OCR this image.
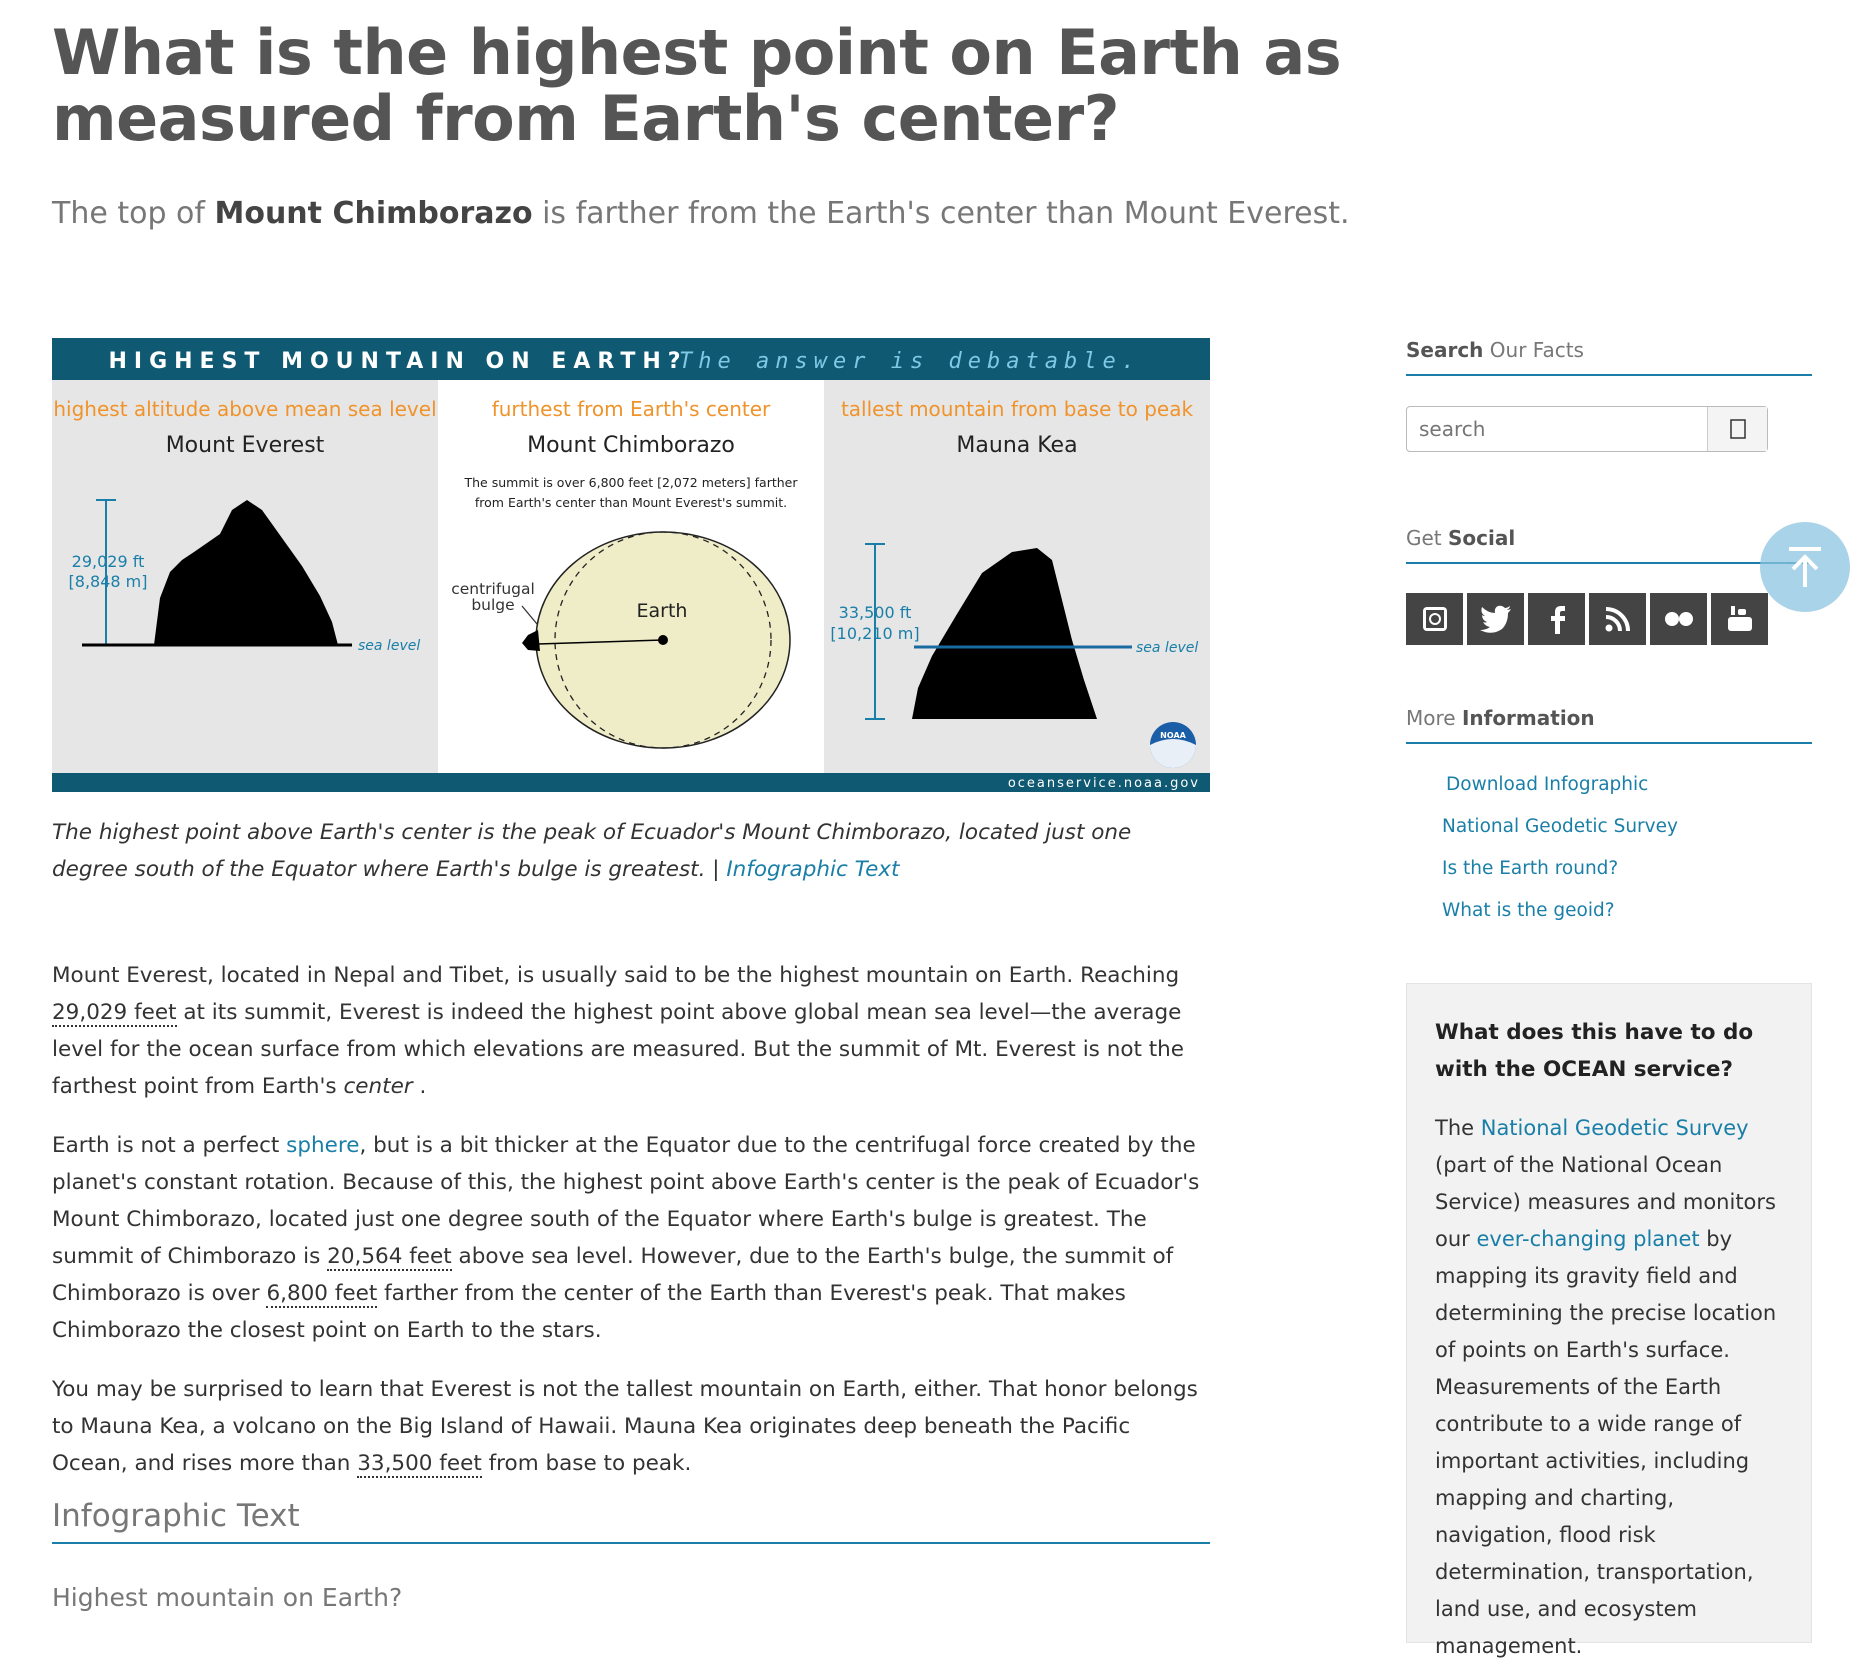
What is the highest point on Earth as measured from Earth's center?

The top of Mount Chimborazo is farther from the Earth's center than Mount Everest.

HIGHEST MOUNTAIN ON EARTH?
The answer is debatable.
oceanservice.noaa.gov
highest altitude above mean sea level
Mount Everest
29,029 ft
[8,848 m]
sea level
furthest from Earth's center
Mount Chimborazo
The summit is over 6,800 feet [2,072 meters] farther
from Earth's center than Mount Everest's summit.
Earth
centrifugal
bulge
tallest mountain from base to peak
Mauna Kea
33,500 ft
[10,210 m]
sea level
NOAA
The highest point above Earth's center is the peak of Ecuador's Mount Chimborazo, located just one degree south of the Equator where Earth's bulge is greatest. | Infographic Text

Mount Everest, located in Nepal and Tibet, is usually said to be the highest mountain on Earth. Reaching 29,029 feet at its summit, Everest is indeed the highest point above global mean sea level—the average level for the ocean surface from which elevations are measured. But the summit of Mt. Everest is not the farthest point from Earth's center .

Earth is not a perfect sphere, but is a bit thicker at the Equator due to the centrifugal force created by the planet's constant rotation. Because of this, the highest point above Earth's center is the peak of Ecuador's Mount Chimborazo, located just one degree south of the Equator where Earth's bulge is greatest. The summit of Chimborazo is 20,564 feet above sea level. However, due to the Earth's bulge, the summit of Chimborazo is over 6,800 feet farther from the center of the Earth than Everest's peak. That makes Chimborazo the closest point on Earth to the stars.

You may be surprised to learn that Everest is not the tallest mountain on Earth, either. That honor belongs to Mauna Kea, a volcano on the Big Island of Hawaii. Mauna Kea originates deep beneath the Pacific Ocean, and rises more than 33,500 feet from base to peak.

Infographic Text
Highest mountain on Earth?
Search Our Facts
search
Get Social
More Information
Download Infographic
National Geodetic Survey
Is the Earth round?
What is the geoid?
What does this have to do with the OCEAN service?
The National Geodetic Survey (part of the National Ocean Service) measures and monitors our ever-changing planet by mapping its gravity field and determining the precise location of points on Earth's surface. Measurements of the Earth contribute to a wide range of important activities, including mapping and charting, navigation, flood risk determination, transportation, land use, and ecosystem management.
